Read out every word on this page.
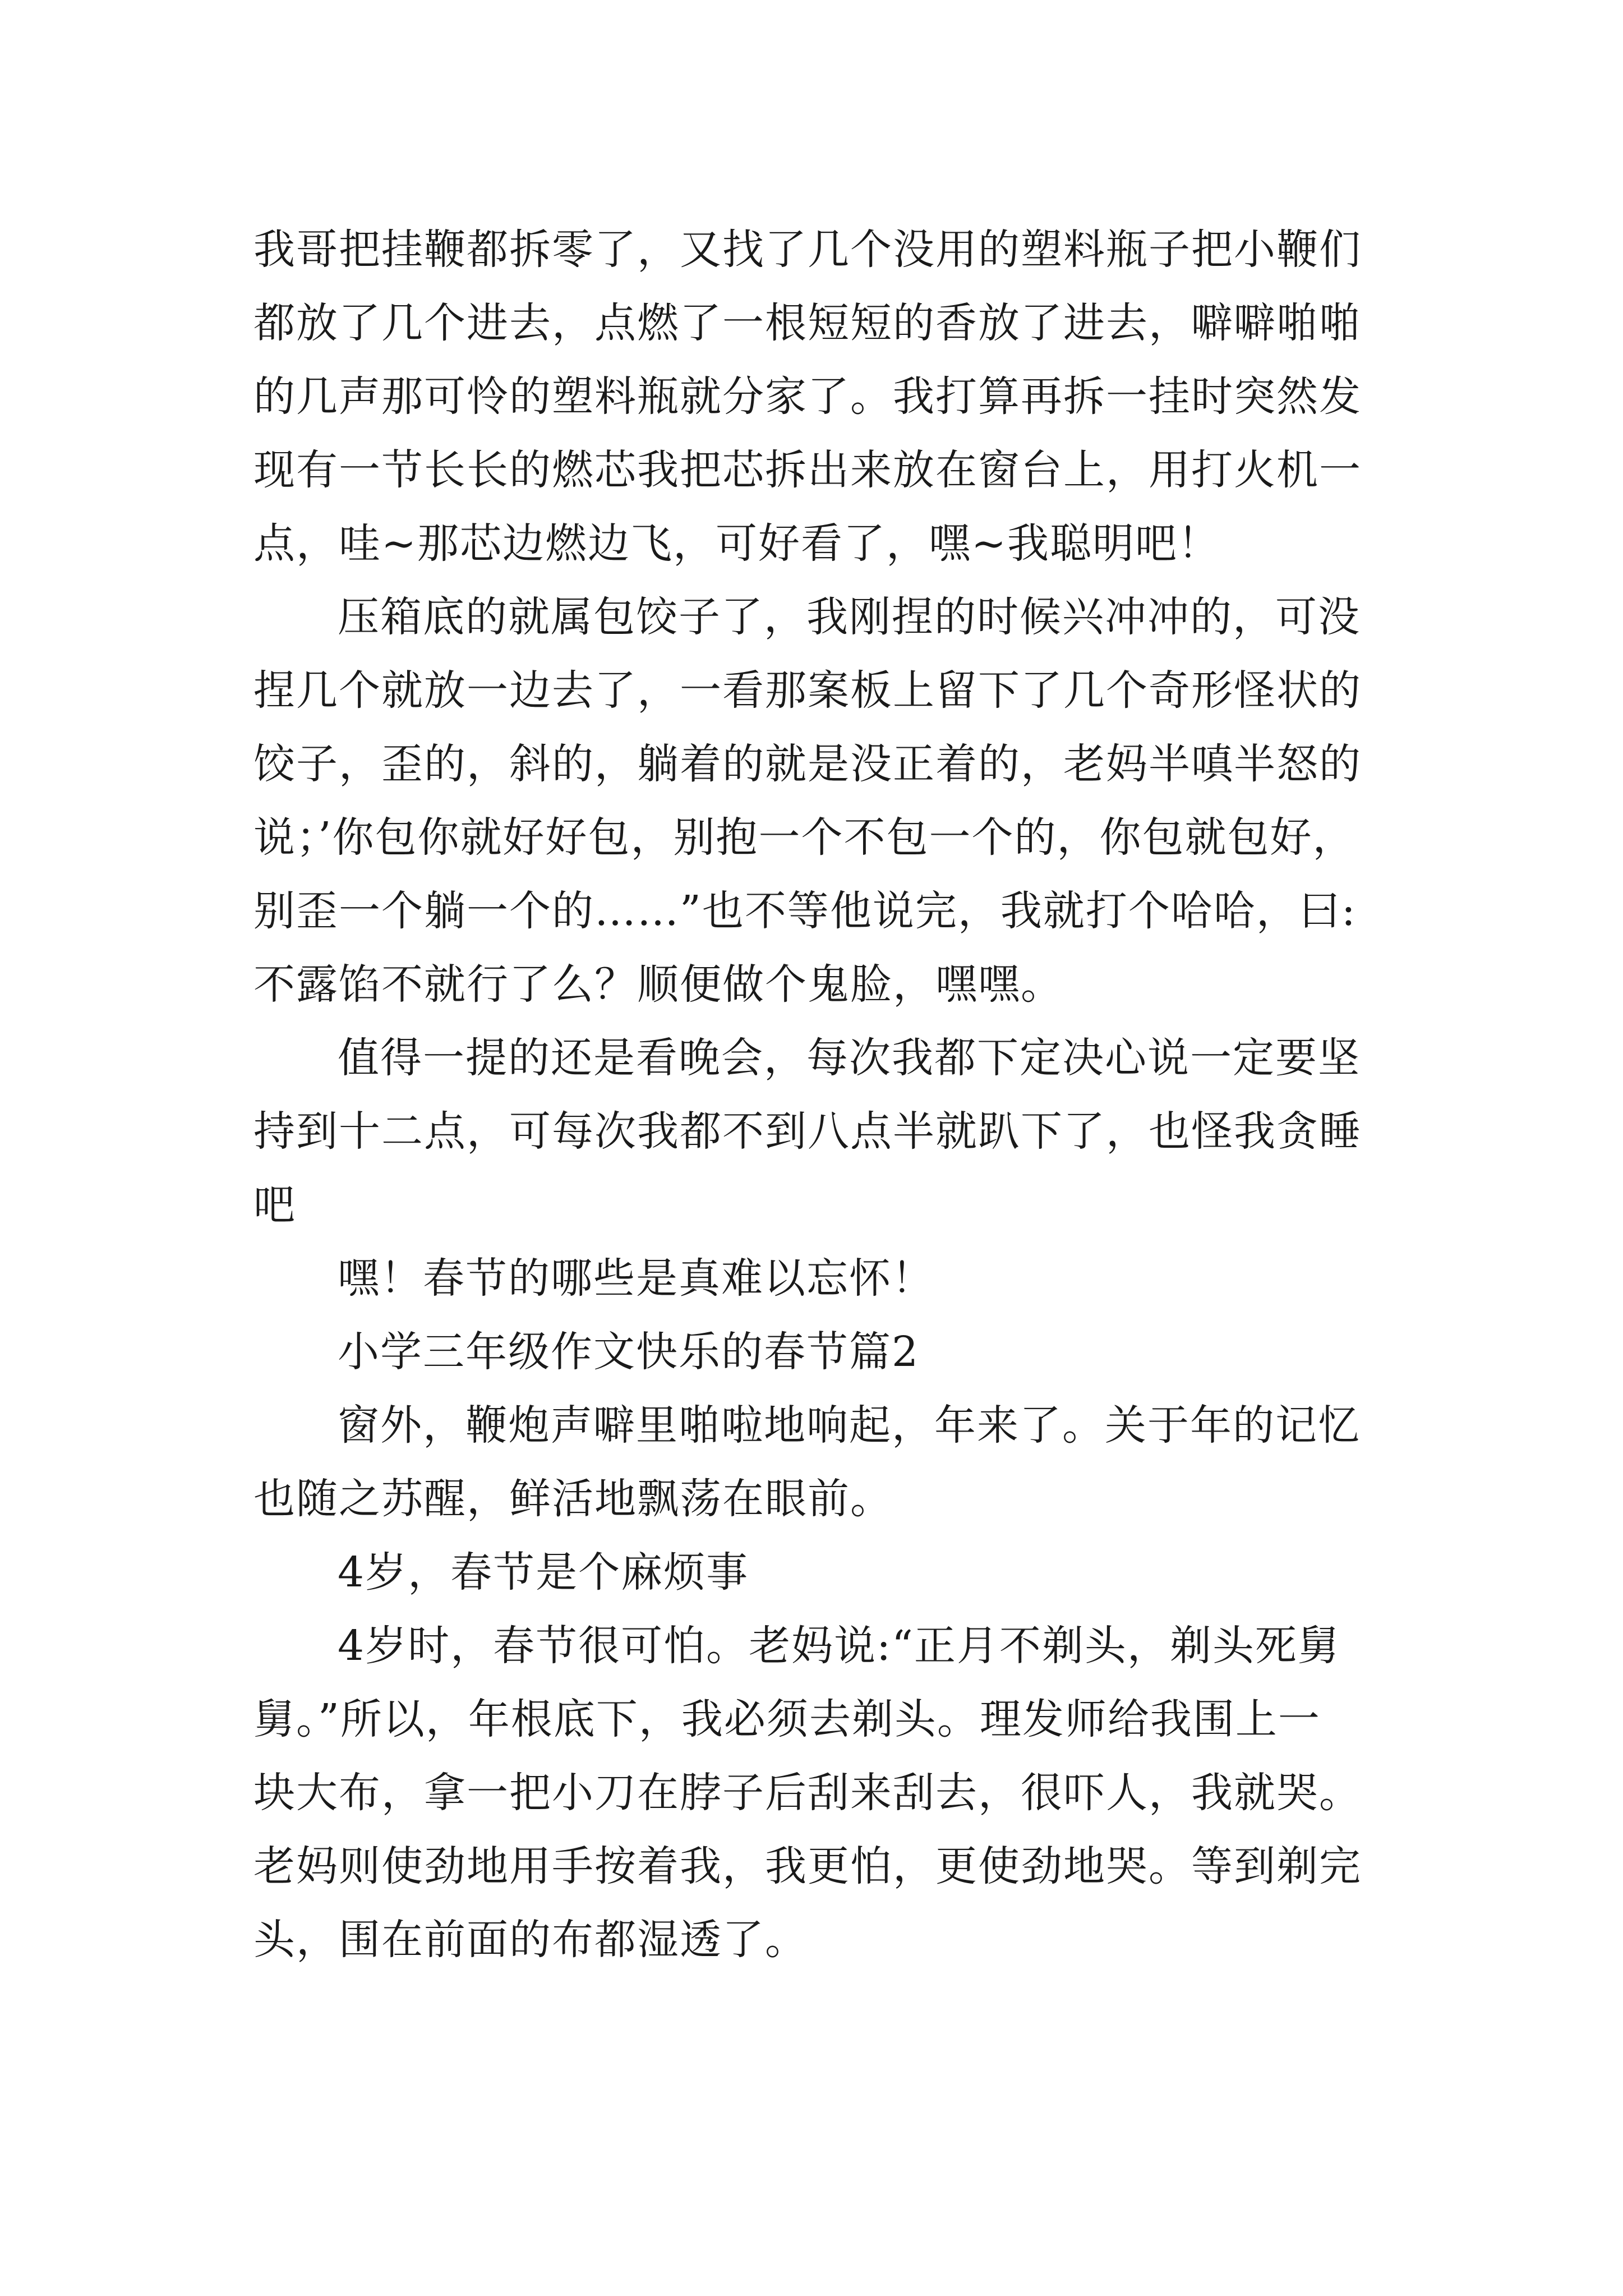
我哥把挂鞭都拆零了，又找了几个没用的塑料瓶子把小鞭们
都放了几个进去，点燃了一根短短的香放了进去，噼噼啪啪
的几声那可怜的塑料瓶就分家了。我打算再拆一挂时突然发
现有一节长长的燃芯我把芯拆出来放在窗台上，用打火机一
点，哇~那芯边燃边飞，可好看了，嘿~我聪明吧！
压箱底的就属包饺子了，我刚捏的时候兴冲冲的，可没
捏几个就放一边去了，一看那案板上留下了几个奇形怪状的
饺子，歪的，斜的，躺着的就是没正着的，老妈半嗔半怒的
说；’你包你就好好包，别抱一个不包一个的，你包就包好，
别歪一个躺一个的……”也不等他说完，我就打个哈哈，曰:
不露馅不就行了么？顺便做个鬼脸，嘿嘿。
值得一提的还是看晚会，每次我都下定决心说一定要坚
持到十二点，可每次我都不到八点半就趴下了，也怪我贪睡
吧
嘿！春节的哪些是真难以忘怀！
小学三年级作文快乐的春节篇2
窗外，鞭炮声噼里啪啦地响起，年来了。关于年的记忆
也随之苏醒，鲜活地飘荡在眼前。
4岁，春节是个麻烦事
4岁时，春节很可怕。老妈说:“正月不剃头，剃头死舅
舅。”所以，年根底下，我必须去剃头。理发师给我围上一
块大布，拿一把小刀在脖子后刮来刮去，很吓人，我就哭。
老妈则使劲地用手按着我，我更怕，更使劲地哭。等到剃完
头，围在前面的布都湿透了。
